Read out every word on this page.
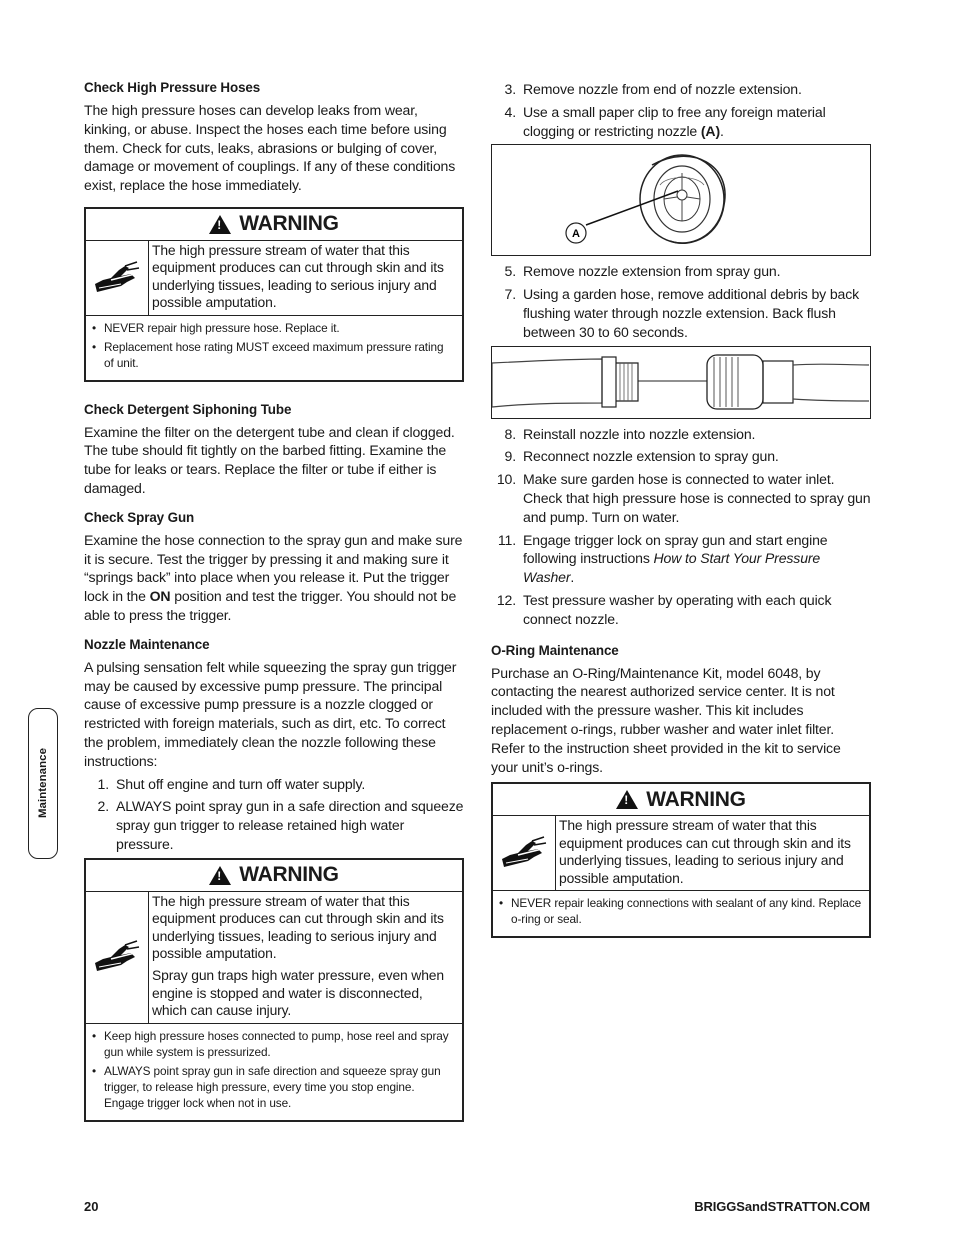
Maintenance
Check High Pressure Hoses
The high pressure hoses can develop leaks from wear, kinking, or abuse. Inspect the hoses each time before using them. Check for cuts, leaks, abrasions or bulging of cover, damage or movement of couplings. If any of these conditions exist, replace the hose immediately.
! WARNING
The high pressure stream of water that this equipment produces can cut through skin and its underlying tissues, leading to serious injury and possible amputation.
• NEVER repair high pressure hose. Replace it.
• Replacement hose rating MUST exceed maximum pressure rating of unit.
Check Detergent Siphoning Tube
Examine the filter on the detergent tube and clean if clogged. The tube should fit tightly on the barbed fitting. Examine the tube for leaks or tears. Replace the filter or tube if either is damaged.
Check Spray Gun
Examine the hose connection to the spray gun and make sure it is secure. Test the trigger by pressing it and making sure it “springs back” into place when you release it. Put the trigger lock in the ON position and test the trigger. You should not be able to press the trigger.
Nozzle Maintenance
A pulsing sensation felt while squeezing the spray gun trigger may be caused by excessive pump pressure. The principal cause of excessive pump pressure is a nozzle clogged or restricted with foreign materials, such as dirt, etc. To correct the problem, immediately clean the nozzle following these instructions:
1. Shut off engine and turn off water supply.
2. ALWAYS point spray gun in a safe direction and squeeze spray gun trigger to release retained high water pressure.
! WARNING

The high pressure stream of water that this equipment produces can cut through skin and its underlying tissues, leading to serious injury and possible amputation.

Spray gun traps high water pressure, even when engine is stopped and water is disconnected, which can cause injury.

• Keep high pressure hoses connected to pump, hose reel and spray gun while system is pressurized.
• ALWAYS point spray gun in safe direction and squeeze spray gun trigger, to release high pressure, every time you stop engine. Engage trigger lock when not in use.
3. Remove nozzle from end of nozzle extension.
4. Use a small paper clip to free any foreign material clogging or restricting nozzle (A).
A
5. Remove nozzle extension from spray gun.
7. Using a garden hose, remove additional debris by back flushing water through nozzle extension. Back flush between 30 to 60 seconds.
8. Reinstall nozzle into nozzle extension.
9. Reconnect nozzle extension to spray gun.
10. Make sure garden hose is connected to water inlet. Check that high pressure hose is connected to spray gun and pump. Turn on water.
11. Engage trigger lock on spray gun and start engine following instructions How to Start Your Pressure Washer.
12. Test pressure washer by operating with each quick connect nozzle.
O-Ring Maintenance
Purchase an O-Ring/Maintenance Kit, model 6048, by contacting the nearest authorized service center. It is not included with the pressure washer. This kit includes replacement o-rings, rubber washer and water inlet filter. Refer to the instruction sheet provided in the kit to service your unit’s o-rings.
! WARNING
The high pressure stream of water that this equipment produces can cut through skin and its underlying tissues, leading to serious injury and possible amputation.
• NEVER repair leaking connections with sealant of any kind. Replace o-ring or seal.
20	BRIGGSandSTRATTON.COM
